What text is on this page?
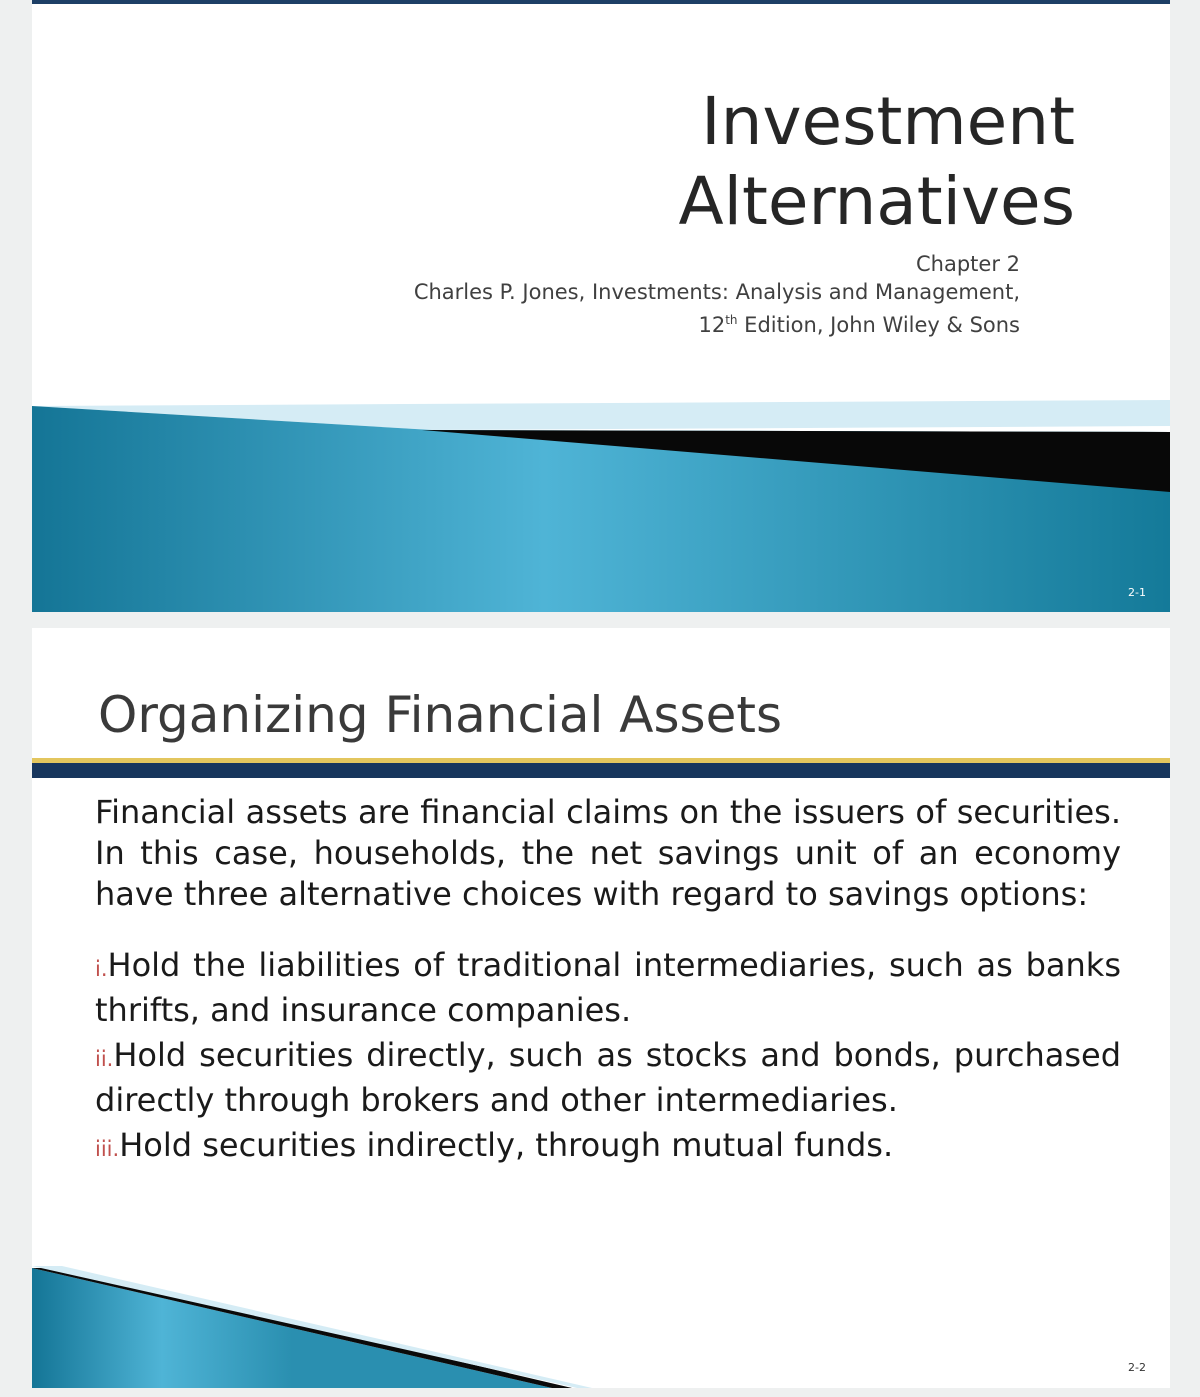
Investment
Alternatives
Chapter 2
Charles P. Jones, Investments: Analysis and Management,
12th Edition, John Wiley & Sons
2-1
Organizing Financial Assets
Financial assets are financial claims on the issuers of securities. In this case, households, the net savings unit of an economy have three alternative choices with regard to savings options:
i.Hold the liabilities of traditional intermediaries, such as banks thrifts, and insurance companies.
ii.Hold securities directly, such as stocks and bonds, purchased directly through brokers and other intermediaries.
iii.Hold securities indirectly, through mutual funds.
2-2
